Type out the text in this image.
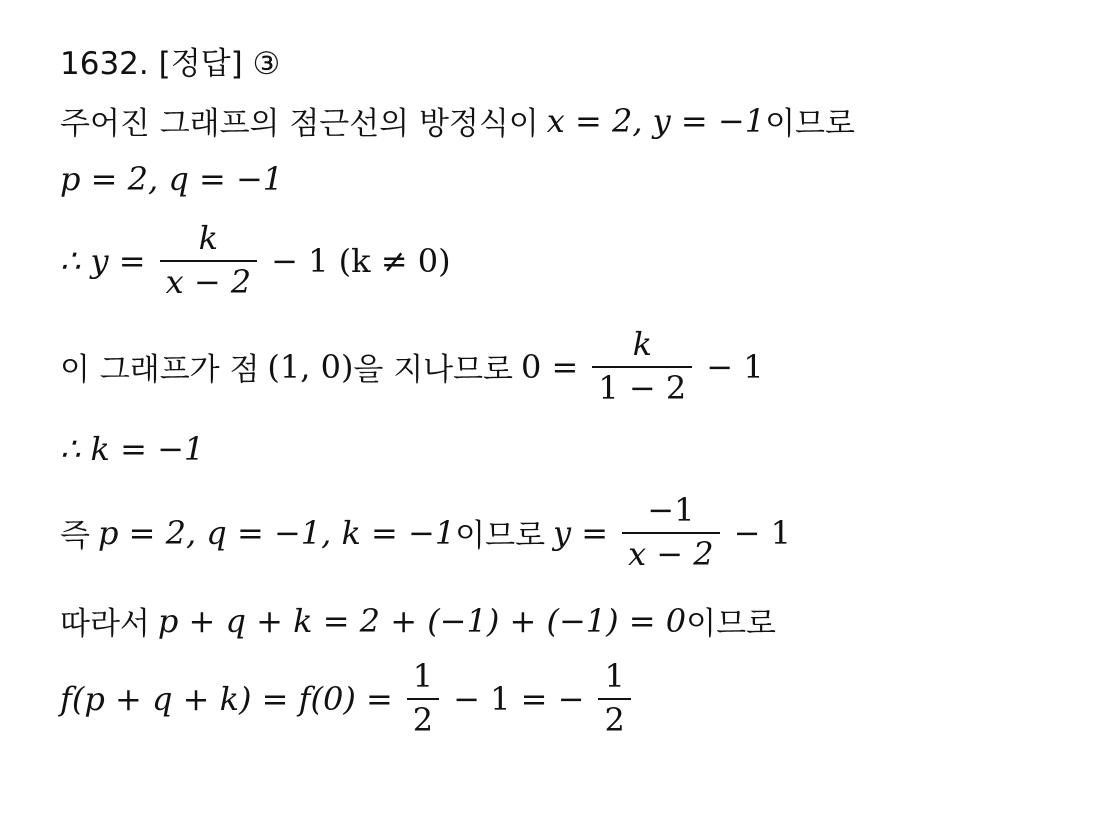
1632. [정답] ③
주어진 그래프의 점근선의 방정식이 x = 2, y = −1 이므로
p = 2, q = −1
∴ $y = \frac{k}{x - 2} - 1$ (k ≠ 0)
이 그래프가 점 (1, 0) 을 지나므로 $0 = \frac{k}{1 - 2} - 1$
∴ k = −1
즉 p = 2, q = −1, k = −1 이므로 $y = \frac{-1}{x - 2} - 1$
따라서 p + q + k = 2 + (−1) + (−1) = 0 이므로
$f(p + q + k) = f(0) = \frac{1}{2} - 1$ = − $\frac{1}{2}$
